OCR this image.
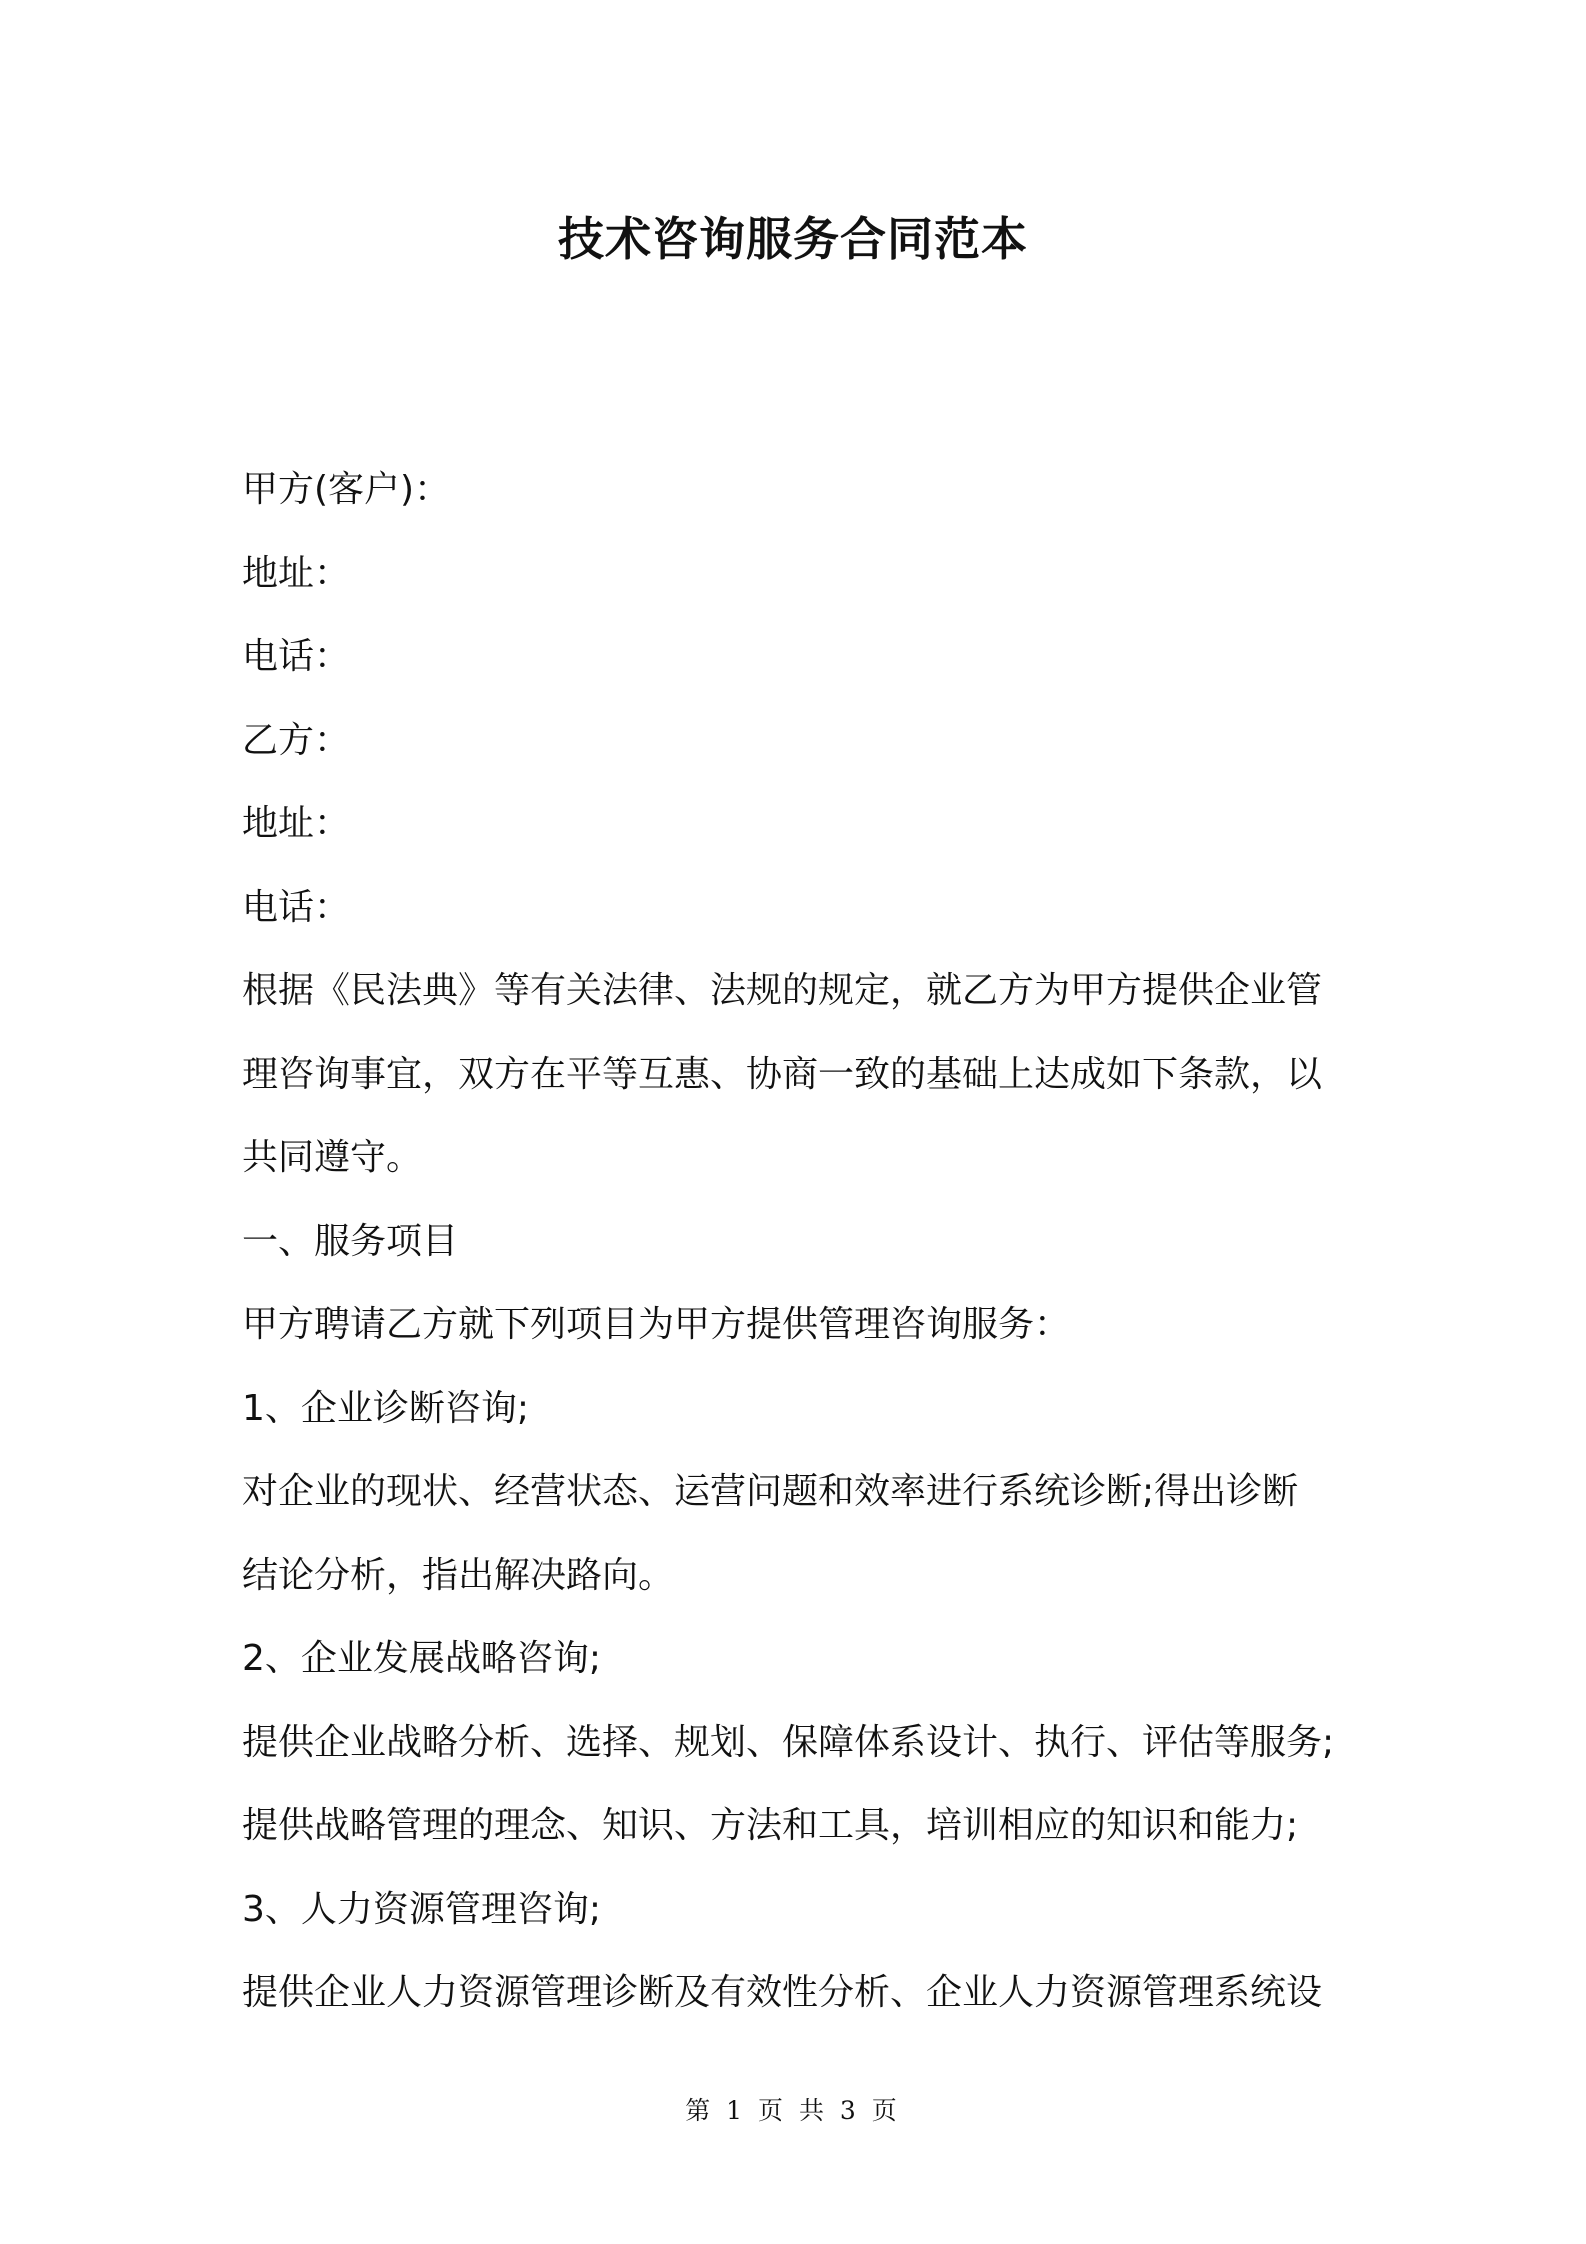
技术咨询服务合同范本

甲方(客户)：

地址：

电话：

乙方：

地址：

电话：

根据《民法典》等有关法律、法规的规定，就乙方为甲方提供企业管

理咨询事宜，双方在平等互惠、协商一致的基础上达成如下条款，以

共同遵守。

一、服务项目

甲方聘请乙方就下列项目为甲方提供管理咨询服务：

1、企业诊断咨询;

对企业的现状、经营状态、运营问题和效率进行系统诊断;得出诊断

结论分析，指出解决路向。

2、企业发展战略咨询;

提供企业战略分析、选择、规划、保障体系设计、执行、评估等服务;

提供战略管理的理念、知识、方法和工具，培训相应的知识和能力;

3、人力资源管理咨询;

提供企业人力资源管理诊断及有效性分析、企业人力资源管理系统设

第 1 页 共 3 页
